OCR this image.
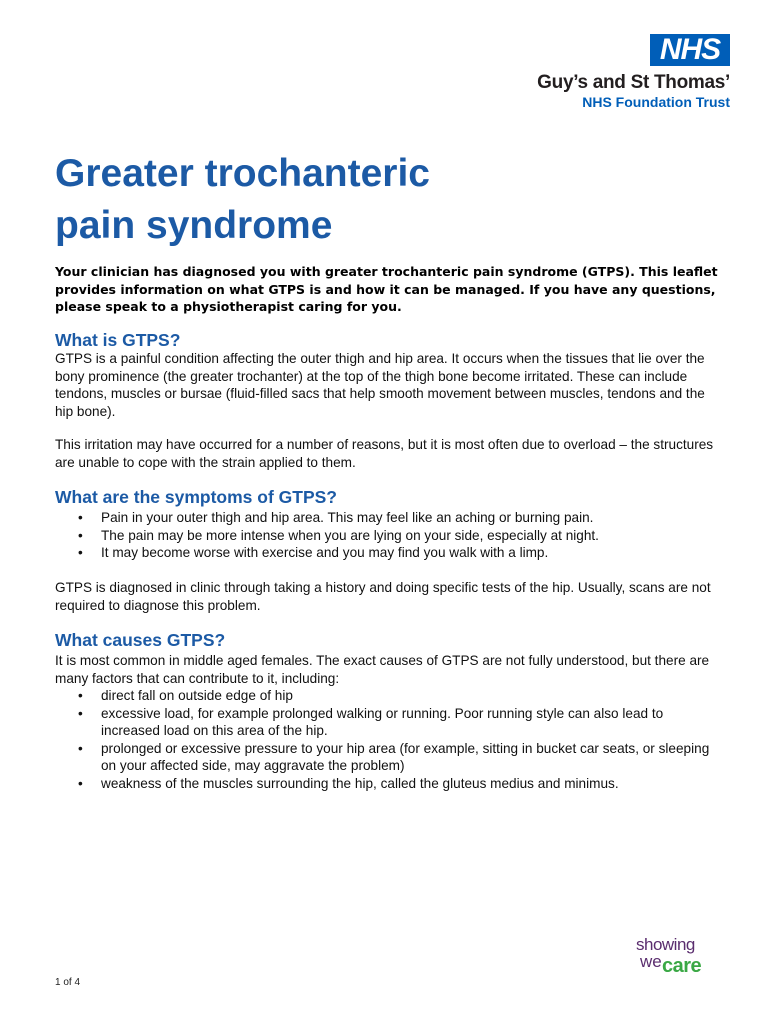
NHS
Guy’s and St Thomas’
NHS Foundation Trust
Greater trochanteric
pain syndrome

Your clinician has diagnosed you with greater trochanteric pain syndrome (GTPS). This leaflet provides information on what GTPS is and how it can be managed. If you have any questions, please speak to a physiotherapist caring for you.

What is GTPS?

GTPS is a painful condition affecting the outer thigh and hip area. It occurs when the tissues that lie over the bony prominence (the greater trochanter) at the top of the thigh bone become irritated. These can include tendons, muscles or bursae (fluid-filled sacs that help smooth movement between muscles, tendons and the hip bone).

This irritation may have occurred for a number of reasons, but it is most often due to overload – the structures are unable to cope with the strain applied to them.

What are the symptoms of GTPS?
• Pain in your outer thigh and hip area. This may feel like an aching or burning pain.
• The pain may be more intense when you are lying on your side, especially at night.
• It may become worse with exercise and you may find you walk with a limp.

GTPS is diagnosed in clinic through taking a history and doing specific tests of the hip. Usually, scans are not required to diagnose this problem.

What causes GTPS?

It is most common in middle aged females. The exact causes of GTPS are not fully understood, but there are many factors that can contribute to it, including:

• direct fall on outside edge of hip
• excessive load, for example prolonged walking or running. Poor running style can also lead to increased load on this area of the hip.
• prolonged or excessive pressure to your hip area (for example, sitting in bucket car seats, or sleeping on your affected side, may aggravate the problem)
• weakness of the muscles surrounding the hip, called the gluteus medius and minimus.
1 of 4
showing
we care
